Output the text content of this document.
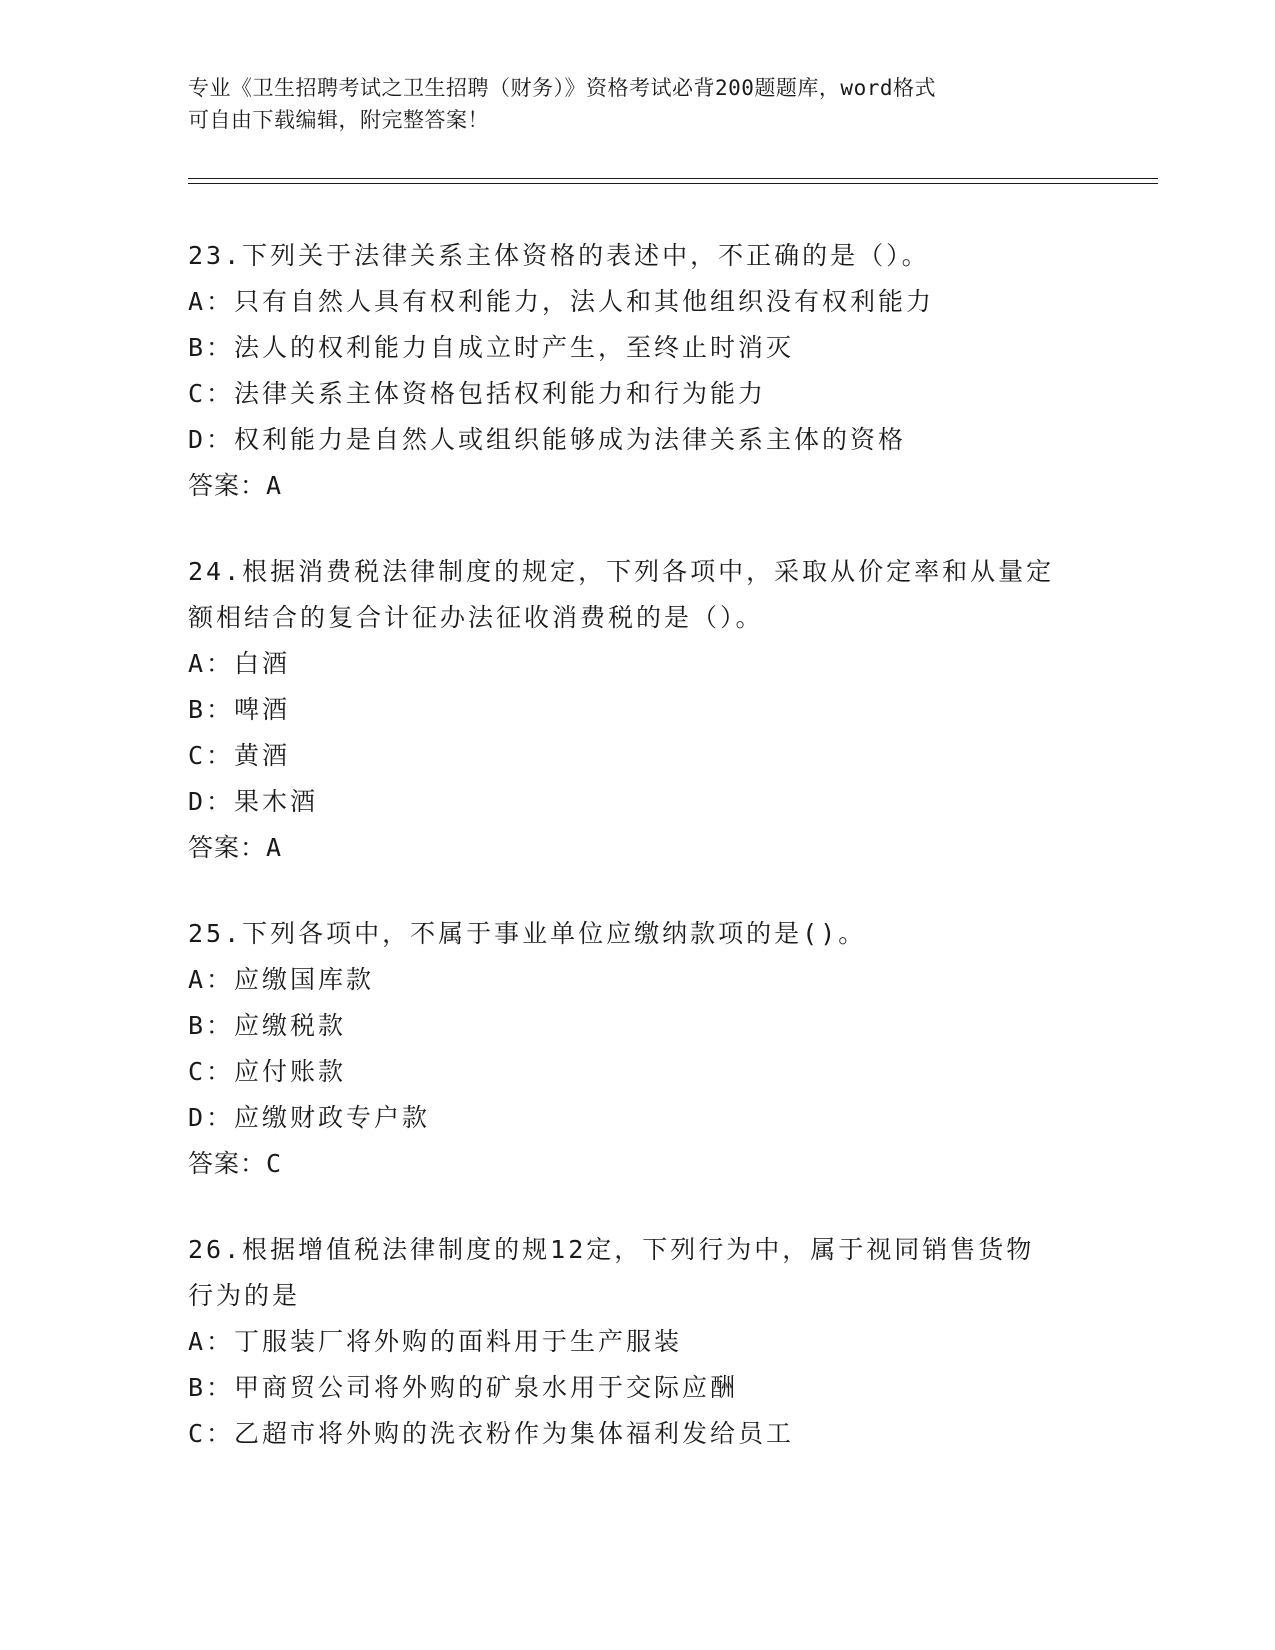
专业《卫生招聘考试之卫生招聘（财务）》资格考试必背200题题库，word格式
可自由下载编辑，附完整答案！
23.下列关于法律关系主体资格的表述中，不正确的是（）。
A：只有自然人具有权利能力，法人和其他组织没有权利能力
B：法人的权利能力自成立时产生，至终止时消灭
C：法律关系主体资格包括权利能力和行为能力
D：权利能力是自然人或组织能够成为法律关系主体的资格
答案：A
24.根据消费税法律制度的规定，下列各项中，采取从价定率和从量定
额相结合的复合计征办法征收消费税的是（）。
A：白酒
B：啤酒
C：黄酒
D：果木酒
答案：A
25.下列各项中，不属于事业单位应缴纳款项的是()。
A：应缴国库款
B：应缴税款
C：应付账款
D：应缴财政专户款
答案：C
26.根据增值税法律制度的规12定，下列行为中，属于视同销售货物
行为的是
A：丁服装厂将外购的面料用于生产服装
B：甲商贸公司将外购的矿泉水用于交际应酬
C：乙超市将外购的洗衣粉作为集体福利发给员工
